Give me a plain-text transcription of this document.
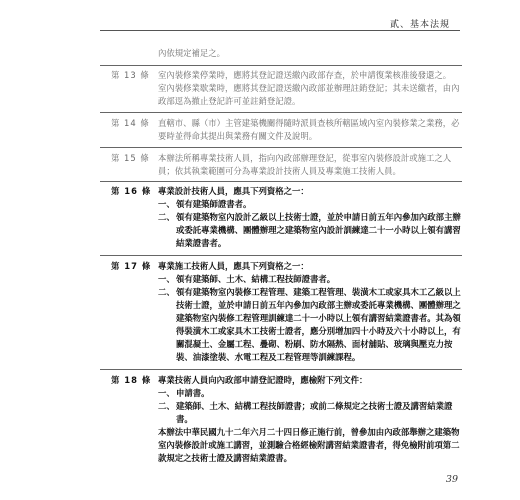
貳、基本法規

內依規定補足之。

第 13 條 室內裝修業停業時，應將其登記證送繳內政部存查，於申請復業核准後發還之。

室內裝修業歇業時，應將其登記證送繳內政部並辦理註銷登記；其未送繳者，由內政部逕為撤止登記許可並註銷登記證。

第 14 條 直轄市、縣（市）主管建築機關得隨時派員查核所轄區域內室內裝修業之業務，必要時並得命其提出與業務有關文件及說明。

第 15 條 本辦法所稱專業技術人員，指向內政部辦理登記，從事室內裝修設計或施工之人員；依其執業範圍可分為專業設計技術人員及專業施工技術人員。

第 16 條 專業設計技術人員，應具下列資格之一：

一、 領有建築師證書者。
二、 領有建築物室內設計乙級以上技術士證，並於申請日前五年內參加內政部主辦或委託專業機構、團體辦理之建築物室內設計訓練達二十一小時以上領有講習結業證書者。
第 17 條 專業施工技術人員，應具下列資格之一：

一、 領有建築師、土木、結構工程技師證書者。
二、 領有建築物室內裝修工程管理、建築工程管理、裝潢木工或家具木工乙級以上技術士證，並於申請日前五年內參加內政部主辦或委託專業機構、團體辦理之建築物室內裝修工程管理訓練達二十一小時以上領有講習結業證書者。其為領得裝潢木工或家具木工技術士證者，應分別增加四十小時及六十小時以上，有關混凝土、金屬工程、疊砌、粉刷、防水隔熱、面材舖貼、玻璃與壓克力按裝、油漆塗裝、水電工程及工程管理等訓練課程。
第 18 條 專業技術人員向內政部申請登記證時，應檢附下列文件：

一、 申請書。
二、 建築師、土木、結構工程技師證書；或前二條規定之技術士證及講習結業證書。

本辦法中華民國九十二年六月二十四日修正施行前，曾參加由內政部舉辦之建築物室內裝修設計或施工講習，並測驗合格經檢附講習結業證書者，得免檢附前項第二款規定之技術士證及講習結業證書。

39
